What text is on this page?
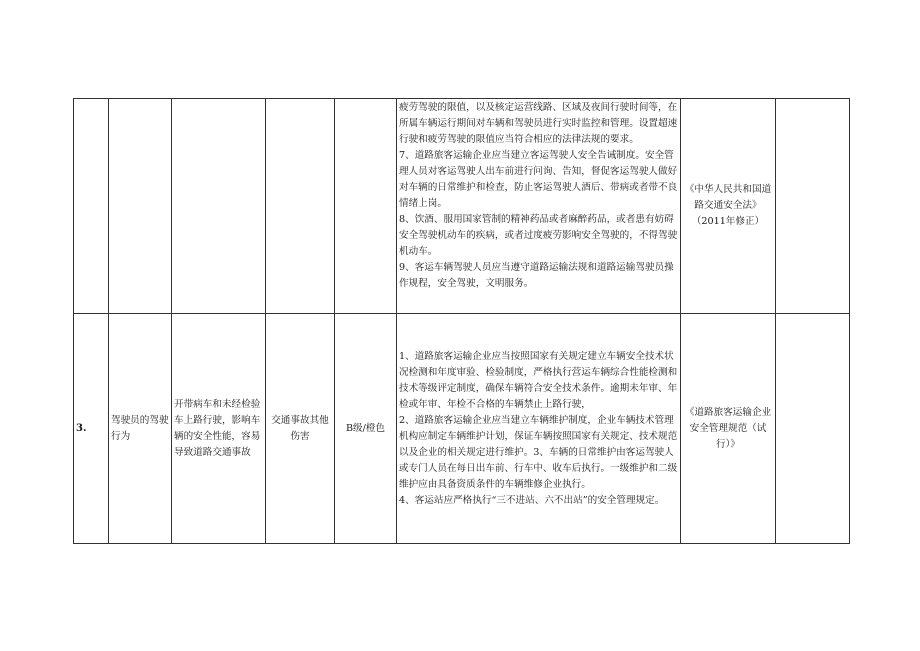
					疲劳驾驶的限值，以及核定运营线路、区域及夜间行驶时间等，在所属车辆运行期间对车辆和驾驶员进行实时监控和管理。设置超速行驶和疲劳驾驶的限值应当符合相应的法律法规的要求。
7、道路旅客运输企业应当建立客运驾驶人安全告诫制度。安全管理人员对客运驾驶人出车前进行问询、告知，督促客运驾驶人做好对车辆的日常维护和检查，防止客运驾驶人酒后、带病或者带不良情绪上岗。
8、饮酒、服用国家管制的精神药品或者麻醉药品，或者患有妨碍安全驾驶机动车的疾病，或者过度疲劳影响安全驾驶的，不得驾驶机动车。
9、客运车辆驾驶人员应当遵守道路运输法规和道路运输驾驶员操作规程，安全驾驶，文明服务。	《中华人民共和国道路交通安全法》（2011年修正）	
3.	驾驶员的驾驶行为	开带病车和未经检验车上路行驶，影响车辆的安全性能，容易导致道路交通事故	交通事故其他伤害	B级/橙色	1、道路旅客运输企业应当按照国家有关规定建立车辆安全技术状况检测和年度审验、检验制度，严格执行营运车辆综合性能检测和技术等级评定制度，确保车辆符合安全技术条件。逾期未年审、年检或年审、年检不合格的车辆禁止上路行驶，
2、道路旅客运输企业应当建立车辆维护制度，企业车辆技术管理机构应制定车辆维护计划，保证车辆按照国家有关规定、技术规范以及企业的相关规定进行维护。3、车辆的日常维护由客运驾驶人或专门人员在每日出车前、行车中、收车后执行。一级维护和二级维护应由具备资质条件的车辆维修企业执行。
4、客运站应严格执行“三不进站、六不出站”的安全管理规定。	《道路旅客运输企业安全管理规范（试行）》	
